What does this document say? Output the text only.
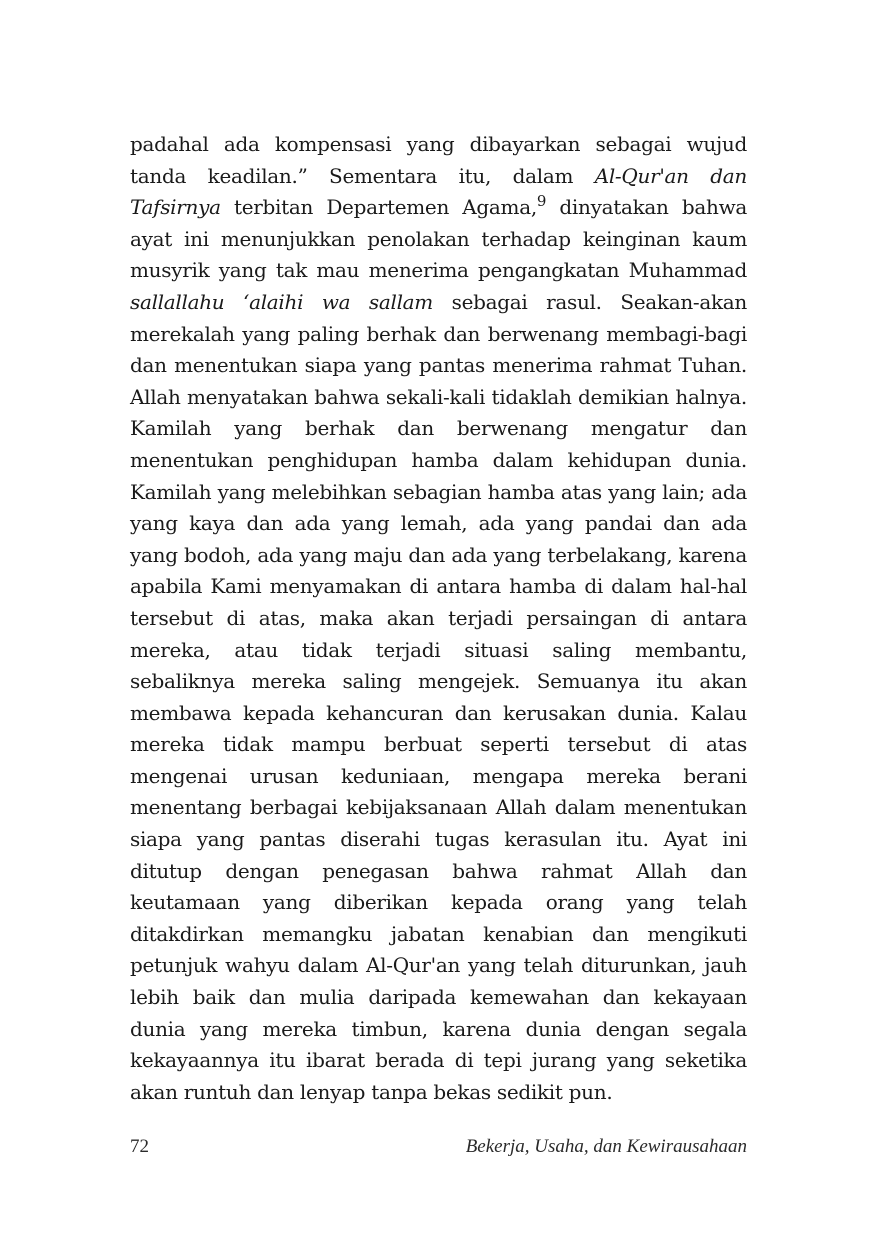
padahal ada kompensasi yang dibayarkan sebagai wujud tanda keadilan.” Sementara itu, dalam Al-Qur'an dan Tafsirnya terbitan Departemen Agama,$^9$ dinyatakan bahwa ayat ini menunjukkan penolakan terhadap keinginan kaum musyrik yang tak mau menerima pengangkatan Muhammad sallallahu ‘alaihi wa sallam sebagai rasul. Seakan-akan merekalah yang paling berhak dan berwenang membagi-bagi dan menentukan siapa yang pantas menerima rahmat Tuhan. Allah menyatakan bahwa sekali-kali tidaklah demikian halnya. Kamilah yang berhak dan berwenang mengatur dan menentukan penghidupan hamba dalam kehidupan dunia. Kamilah yang melebihkan sebagian hamba atas yang lain; ada yang kaya dan ada yang lemah, ada yang pandai dan ada yang bodoh, ada yang maju dan ada yang terbelakang, karena apabila Kami menyamakan di antara hamba di dalam hal-hal tersebut di atas, maka akan terjadi persaingan di antara mereka, atau tidak terjadi situasi saling membantu, sebaliknya mereka saling mengejek. Semuanya itu akan membawa kepada kehancuran dan kerusakan dunia. Kalau mereka tidak mampu berbuat seperti tersebut di atas mengenai urusan keduniaan, mengapa mereka berani menentang berbagai kebijaksanaan Allah dalam menentukan siapa yang pantas diserahi tugas kerasulan itu. Ayat ini ditutup dengan penegasan bahwa rahmat Allah dan keutamaan yang diberikan kepada orang yang telah ditakdirkan memangku jabatan kenabian dan mengikuti petunjuk wahyu dalam Al-Qur'an yang telah diturunkan, jauh lebih baik dan mulia daripada kemewahan dan kekayaan dunia yang mereka timbun, karena dunia dengan segala kekayaannya itu ibarat berada di tepi jurang yang seketika akan runtuh dan lenyap tanpa bekas sedikit pun.

72	Bekerja, Usaha, dan Kewirausahaan
